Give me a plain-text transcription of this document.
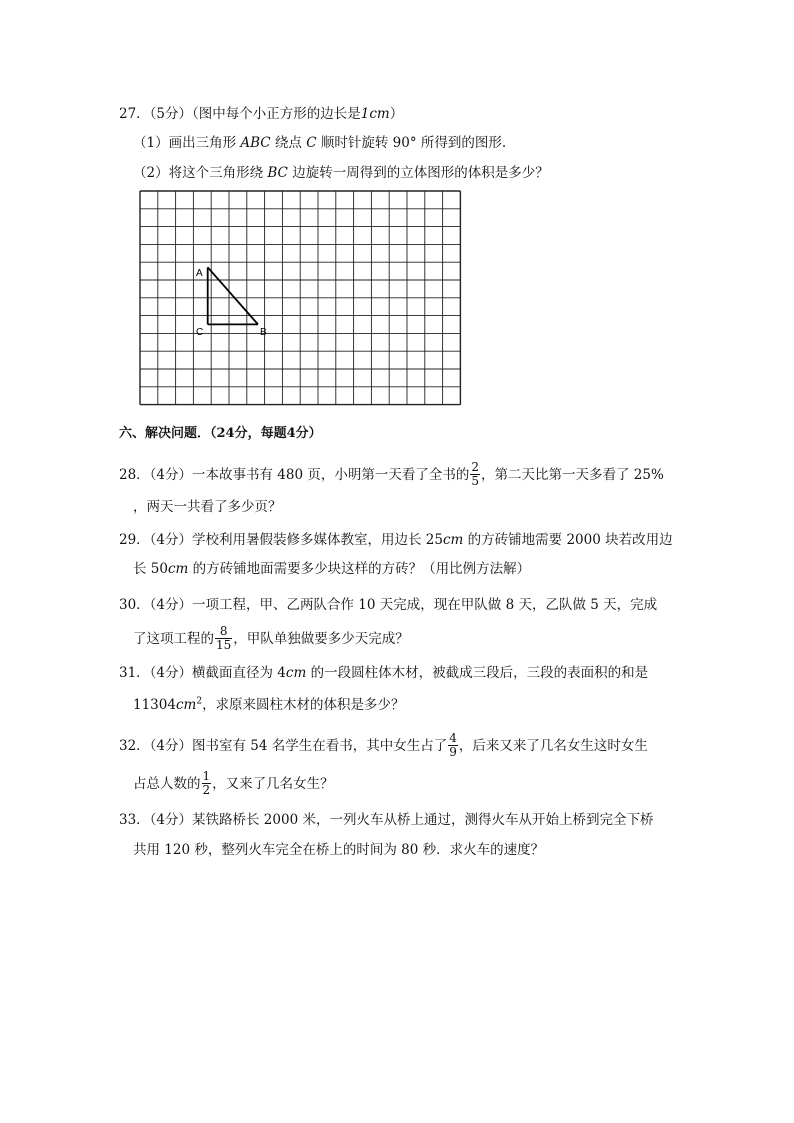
27．（5分）（图中每个小正方形的边长是1cm）
（1）画出三角形 ABC 绕点 C 顺时针旋转 90° 所得到的图形.
（2）将这个三角形绕 BC 边旋转一周得到的立体图形的体积是多少？
A
C	B
六、解决问题．（24分，每题4分）
28．（4分）一本故事书有 480 页，小明第一天看了全书的 $\frac{2}{5}$ ，第二天比第一天多看了 25%
，两天一共看了多少页？
29．（4分）学校利用暑假装修多媒体教室，用边长 25cm 的方砖铺地需要 2000 块若改用边
长 50cm 的方砖铺地面需要多少块这样的方砖？（用比例方法解）
30．（4分）一项工程，甲、乙两队合作 10 天完成，现在甲队做 8 天，乙队做 5 天，完成
了这项工程的 $\frac{8}{15}$ ，甲队单独做要多少天完成？
31．（4分）横截面直径为 4cm 的一段圆柱体木材，被截成三段后，三段的表面积的和是
$11304cm^2$，求原来圆柱木材的体积是多少？
32．（4分）图书室有 54 名学生在看书，其中女生占了 $\frac{4}{9}$ ，后来又来了几名女生这时女生
占总人数的 $\frac{1}{2}$ ，又来了几名女生？
33．（4分）某铁路桥长 2000 米，一列火车从桥上通过，测得火车从开始上桥到完全下桥
共用 120 秒，整列火车完全在桥上的时间为 80 秒．求火车的速度？
